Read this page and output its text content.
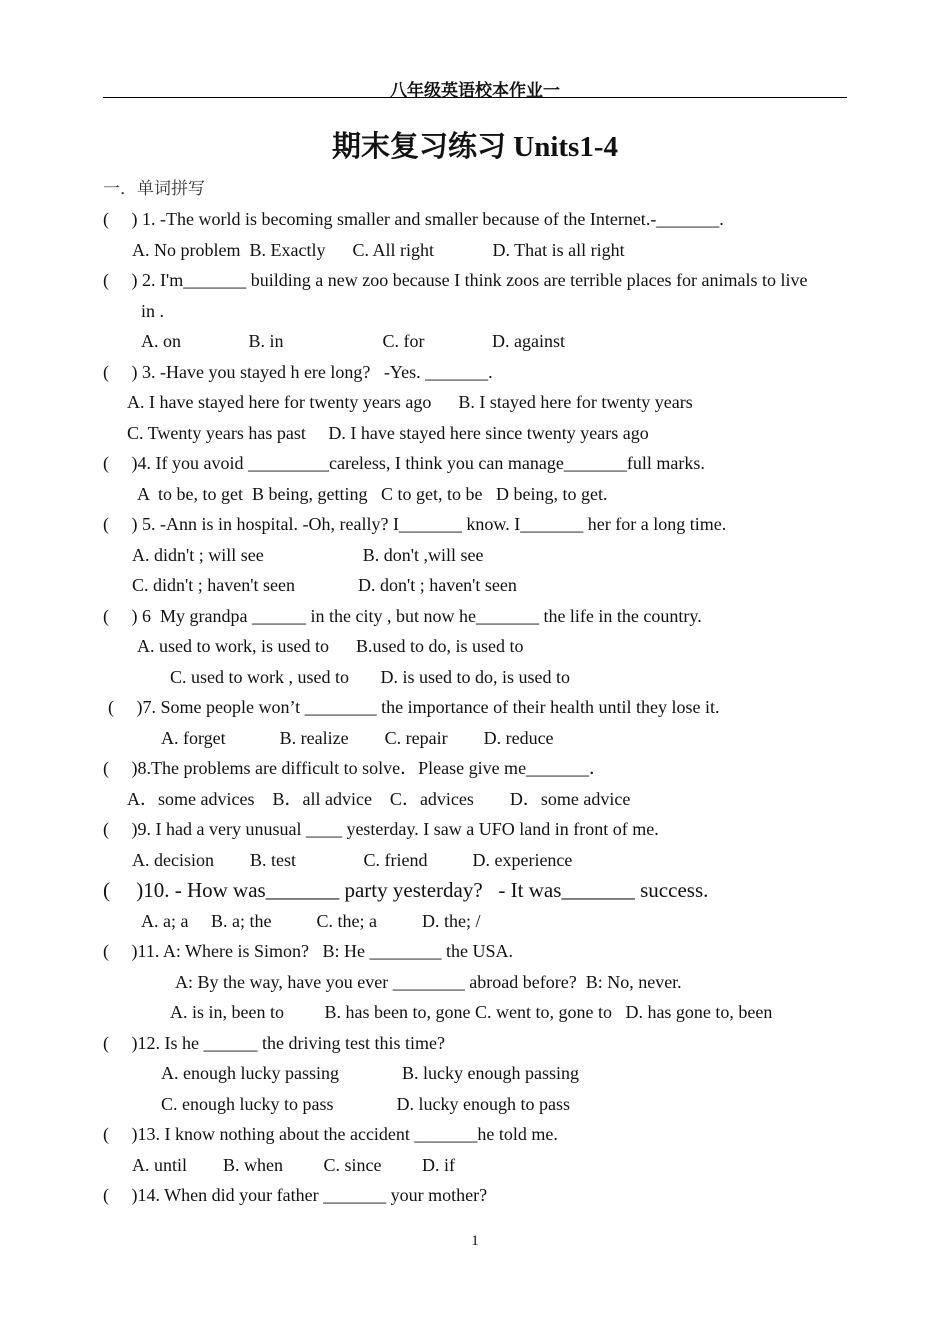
八年级英语校本作业一
期末复习练习 Units1-4
一．单词拼写
(     ) 1. -The world is becoming smaller and smaller because of the Internet.-_______.
A. No problem  B. Exactly      C. All right             D. That is all right
(     ) 2. I'm_______ building a new zoo because I think zoos are terrible places for animals to live
in .
A. on               B. in                      C. for               D. against
(     ) 3. -Have you stayed h ere long?   -Yes. _______.
A. I have stayed here for twenty years ago      B. I stayed here for twenty years
C. Twenty years has past     D. I have stayed here since twenty years ago
(     )4. If you avoid _________careless, I think you can manage_______full marks.
A  to be, to get  B being, getting   C to get, to be   D being, to get.
(     ) 5. -Ann is in hospital. -Oh, really? I_______ know. I_______ her for a long time.
A. didn't ; will see                      B. don't ,will see
C. didn't ; haven't seen              D. don't ; haven't seen
(     ) 6  My grandpa ______ in the city , but now he_______ the life in the country.
A. used to work, is used to      B.used to do, is used to
C. used to work , used to       D. is used to do, is used to
(     )7. Some people won’t ________ the importance of their health until they lose it.
A. forget            B. realize        C. repair        D. reduce
(     )8.The problems are difficult to solve．Please give me_______．
A．some advices    B．all advice    C．advices        D．some advice
(     )9. I had a very unusual ____ yesterday. I saw a UFO land in front of me.
A. decision        B. test               C. friend          D. experience
(     )10. - How was_______ party yesterday?   - It was_______ success.
A. a; a     B. a; the          C. the; a          D. the; /
(     )11. A: Where is Simon?   B: He ________ the USA.
A: By the way, have you ever ________ abroad before?  B: No, never.
A. is in, been to         B. has been to, gone C. went to, gone to   D. has gone to, been
(     )12. Is he ______ the driving test this time?
A. enough lucky passing              B. lucky enough passing
C. enough lucky to pass              D. lucky enough to pass
(     )13. I know nothing about the accident _______he told me.
A. until        B. when         C. since         D. if
(     )14. When did your father _______ your mother?
1
